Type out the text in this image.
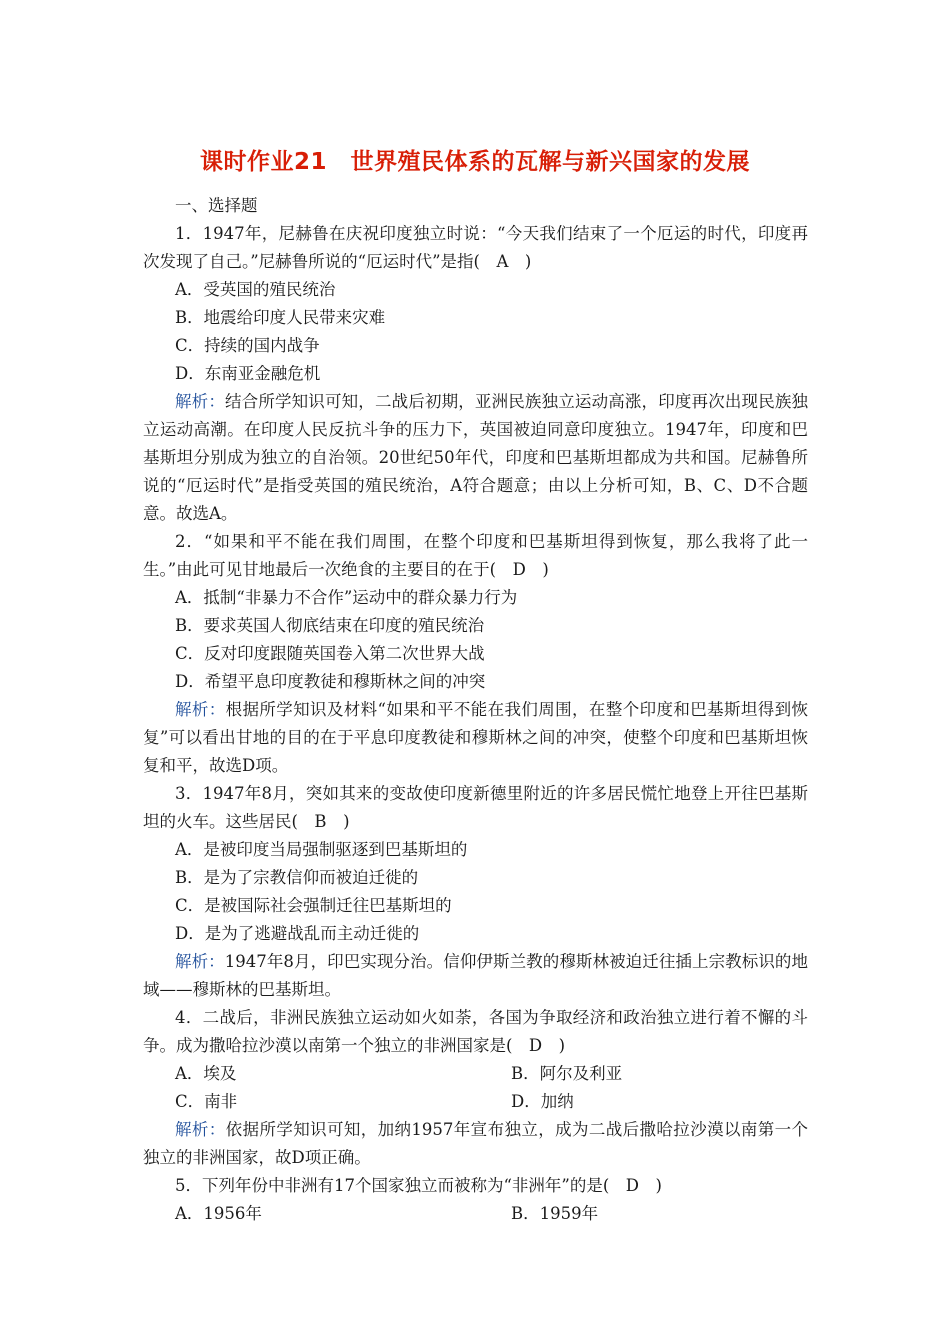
课时作业21　世界殖民体系的瓦解与新兴国家的发展

一、选择题

1．1947年，尼赫鲁在庆祝印度独立时说：“今天我们结束了一个厄运的时代，印度再次发现了自己。”尼赫鲁所说的“厄运时代”是指(　A　)

A．受英国的殖民统治

B．地震给印度人民带来灾难

C．持续的国内战争

D．东南亚金融危机

解析：结合所学知识可知，二战后初期，亚洲民族独立运动高涨，印度再次出现民族独立运动高潮。在印度人民反抗斗争的压力下，英国被迫同意印度独立。1947年，印度和巴基斯坦分别成为独立的自治领。20世纪50年代，印度和巴基斯坦都成为共和国。尼赫鲁所说的“厄运时代”是指受英国的殖民统治，A符合题意；由以上分析可知，B、C、D不合题意。故选A。

2．“如果和平不能在我们周围，在整个印度和巴基斯坦得到恢复，那么我将了此一生。”由此可见甘地最后一次绝食的主要目的在于(　D　)

A．抵制“非暴力不合作”运动中的群众暴力行为

B．要求英国人彻底结束在印度的殖民统治

C．反对印度跟随英国卷入第二次世界大战

D．希望平息印度教徒和穆斯林之间的冲突

解析：根据所学知识及材料“如果和平不能在我们周围，在整个印度和巴基斯坦得到恢复”可以看出甘地的目的在于平息印度教徒和穆斯林之间的冲突，使整个印度和巴基斯坦恢复和平，故选D项。

3．1947年8月，突如其来的变故使印度新德里附近的许多居民慌忙地登上开往巴基斯坦的火车。这些居民(　B　)

A．是被印度当局强制驱逐到巴基斯坦的

B．是为了宗教信仰而被迫迁徙的

C．是被国际社会强制迁往巴基斯坦的

D．是为了逃避战乱而主动迁徙的

解析：1947年8月，印巴实现分治。信仰伊斯兰教的穆斯林被迫迁往插上宗教标识的地域——穆斯林的巴基斯坦。

4．二战后，非洲民族独立运动如火如荼，各国为争取经济和政治独立进行着不懈的斗争。成为撒哈拉沙漠以南第一个独立的非洲国家是(　D　)

A．埃及	B．阿尔及利亚
C．南非	D．加纳

解析：依据所学知识可知，加纳1957年宣布独立，成为二战后撒哈拉沙漠以南第一个独立的非洲国家，故D项正确。

5．下列年份中非洲有17个国家独立而被称为“非洲年”的是(　D　)

A．1956年	B．1959年
